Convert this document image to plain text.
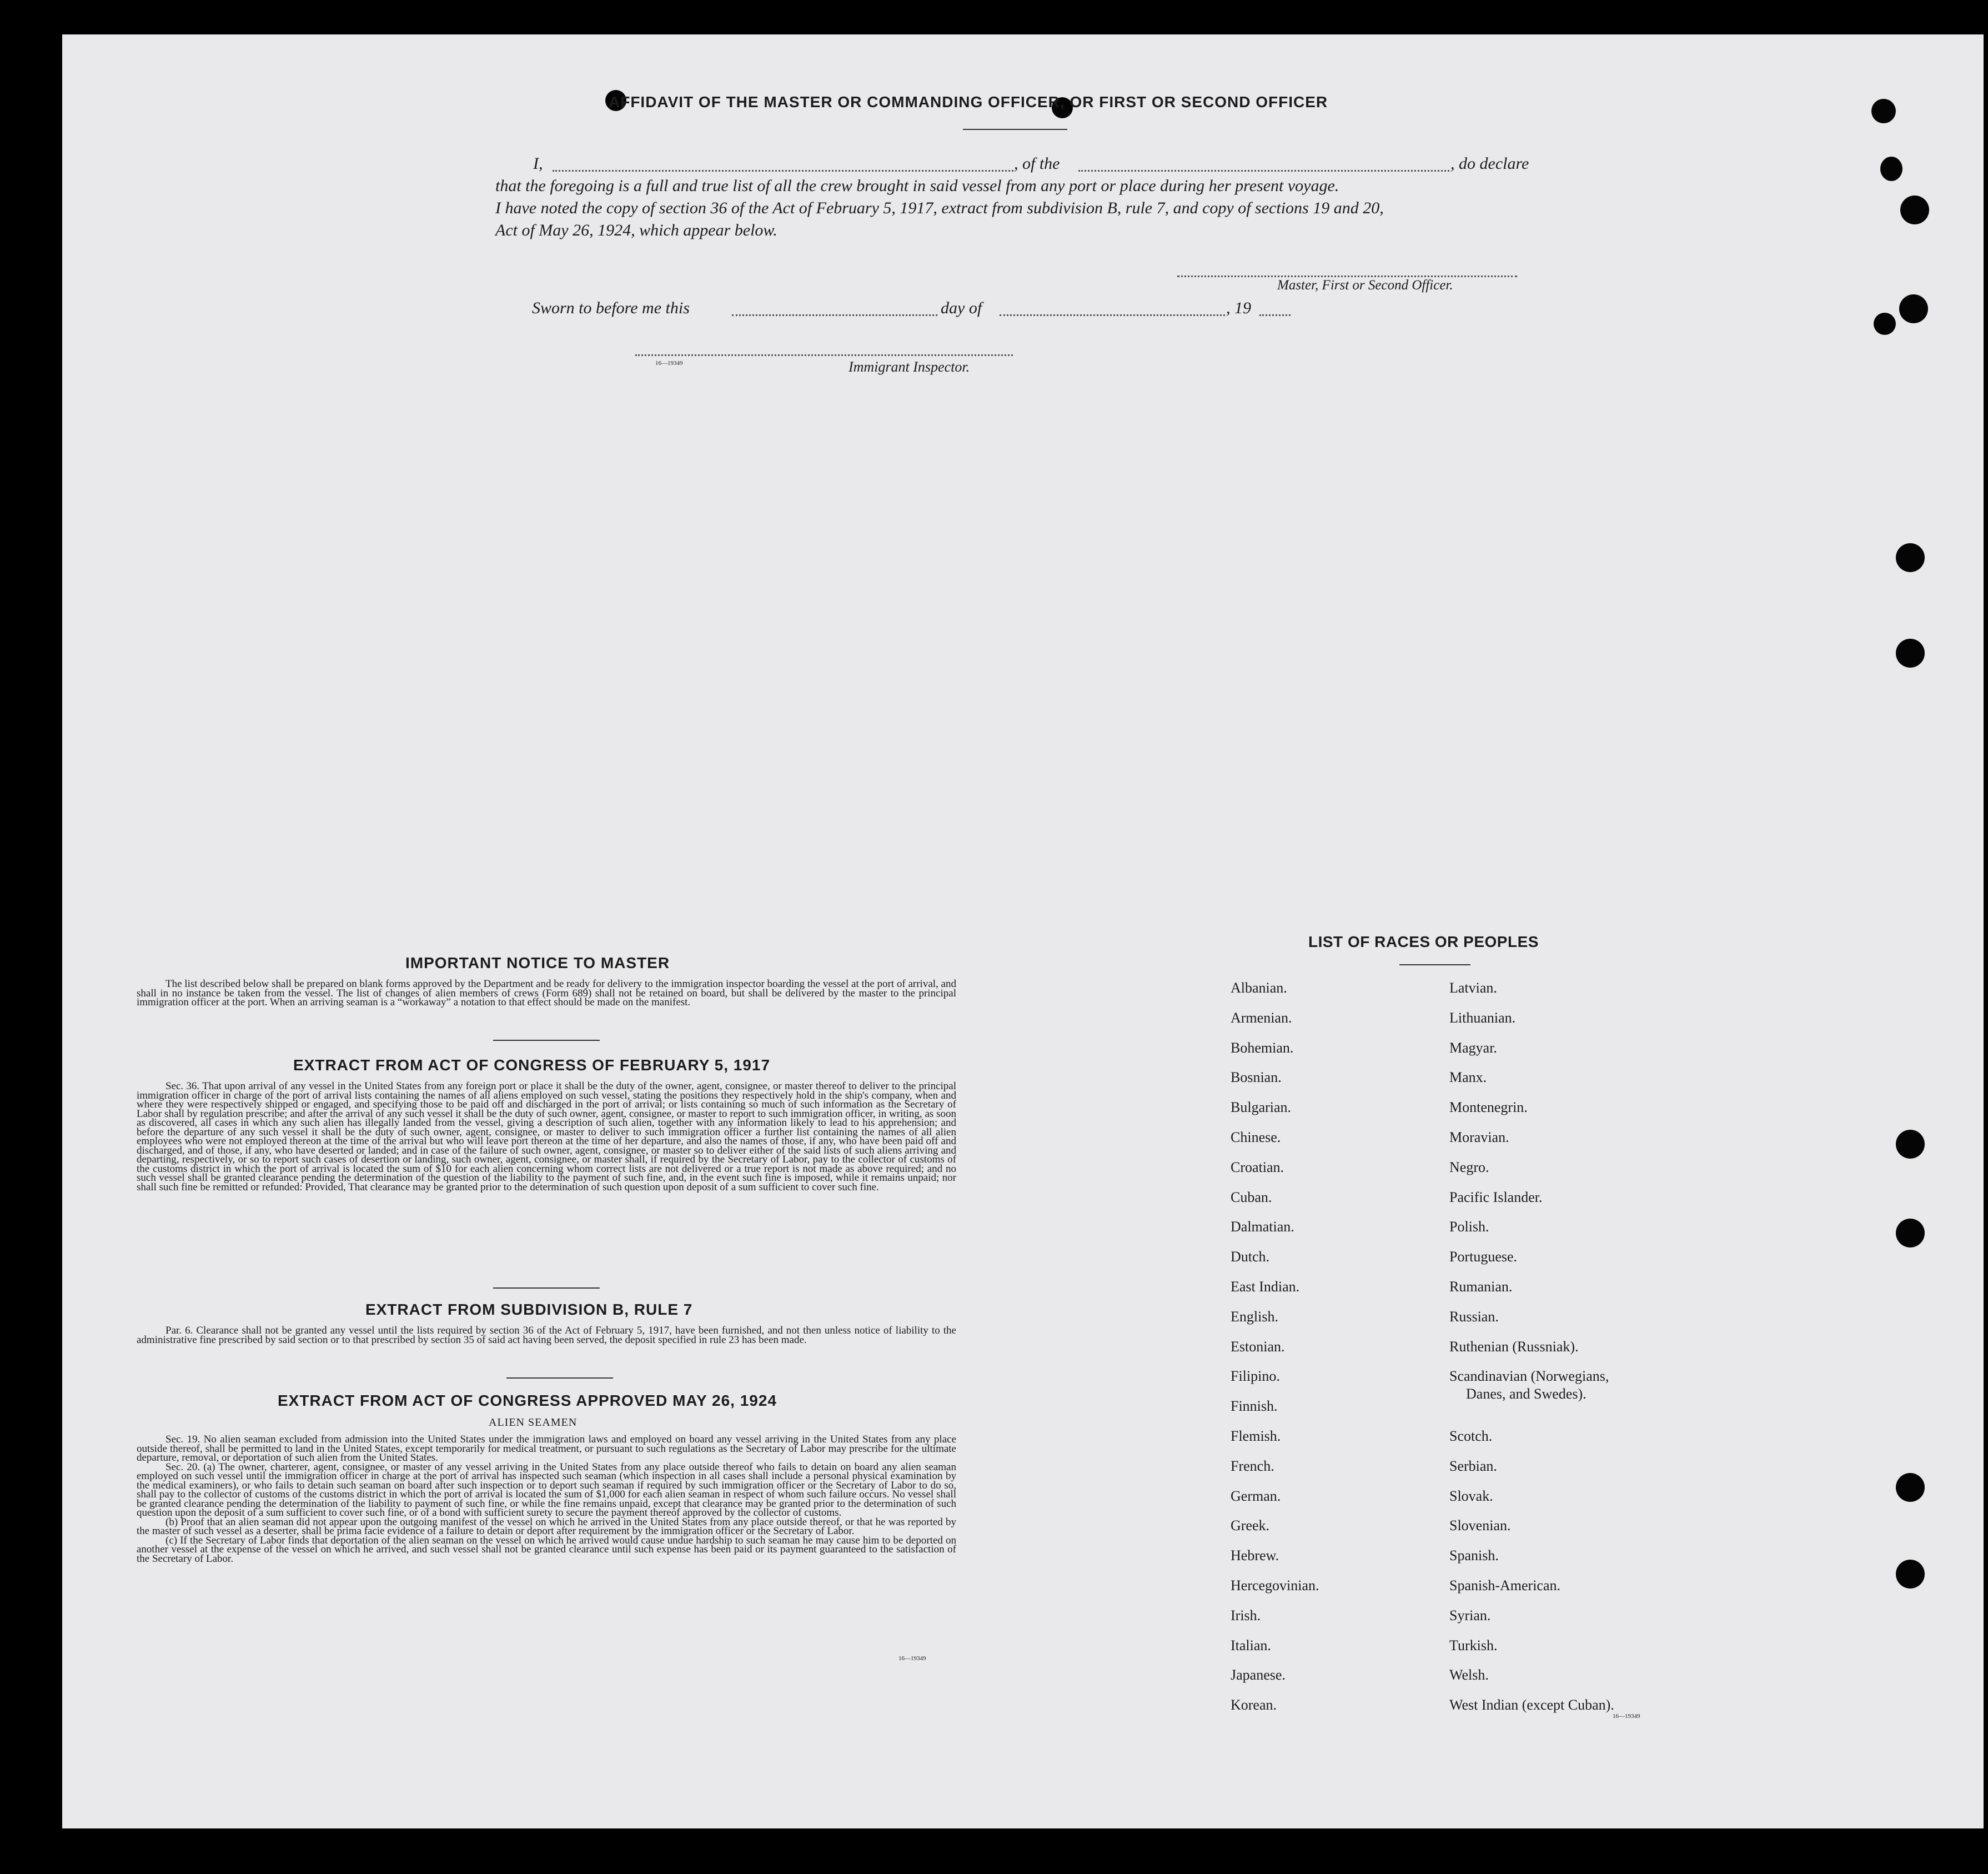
AFFIDAVIT OF THE MASTER OR COMMANDING OFFICER, OR FIRST OR SECOND OFFICER
I,	, of the	, do declare
that the foregoing is a full and true list of all the crew brought in said vessel from any port or place during her present voyage.
I have noted the copy of section 36 of the Act of February 5, 1917, extract from subdivision B, rule 7, and copy of sections 19 and 20,
Act of May 26, 1924, which appear below.
Master, First or Second Officer.
Sworn to before me this	day of	, 19
16—19349	Immigrant Inspector.
IMPORTANT NOTICE TO MASTER
The list described below shall be prepared on blank forms approved by the Department and be ready for delivery to the immigration inspector boarding the vessel at the port of arrival, and shall in no instance be taken from the vessel. The list of changes of alien members of crews (Form 689) shall not be retained on board, but shall be delivered by the master to the principal immigration officer at the port. When an arriving seaman is a “workaway” a notation to that effect should be made on the manifest.
EXTRACT FROM ACT OF CONGRESS OF FEBRUARY 5, 1917
Sec. 36. That upon arrival of any vessel in the United States from any foreign port or place it shall be the duty of the owner, agent, consignee, or master thereof to deliver to the principal immigration officer in charge of the port of arrival lists containing the names of all aliens employed on such vessel, stating the positions they respectively hold in the ship's company, when and where they were respectively shipped or engaged, and specifying those to be paid off and discharged in the port of arrival; or lists containing so much of such information as the Secretary of Labor shall by regulation prescribe; and after the arrival of any such vessel it shall be the duty of such owner, agent, consignee, or master to report to such immigration officer, in writing, as soon as discovered, all cases in which any such alien has illegally landed from the vessel, giving a description of such alien, together with any information likely to lead to his apprehension; and before the departure of any such vessel it shall be the duty of such owner, agent, consignee, or master to deliver to such immigration officer a further list containing the names of all alien employees who were not employed thereon at the time of the arrival but who will leave port thereon at the time of her departure, and also the names of those, if any, who have been paid off and discharged, and of those, if any, who have deserted or landed; and in case of the failure of such owner, agent, consignee, or master so to deliver either of the said lists of such aliens arriving and departing, respectively, or so to report such cases of desertion or landing, such owner, agent, consignee, or master shall, if required by the Secretary of Labor, pay to the collector of customs of the customs district in which the port of arrival is located the sum of $10 for each alien concerning whom correct lists are not delivered or a true report is not made as above required; and no such vessel shall be granted clearance pending the determination of the question of the liability to the payment of such fine, and, in the event such fine is imposed, while it remains unpaid; nor shall such fine be remitted or refunded: Provided, That clearance may be granted prior to the determination of such question upon deposit of a sum sufficient to cover such fine.
EXTRACT FROM SUBDIVISION B, RULE 7
Par. 6. Clearance shall not be granted any vessel until the lists required by section 36 of the Act of February 5, 1917, have been furnished, and not then unless notice of liability to the administrative fine prescribed by said section or to that prescribed by section 35 of said act having been served, the deposit specified in rule 23 has been made.
EXTRACT FROM ACT OF CONGRESS APPROVED MAY 26, 1924
ALIEN SEAMEN

Sec. 19. No alien seaman excluded from admission into the United States under the immigration laws and employed on board any vessel arriving in the United States from any place outside thereof, shall be permitted to land in the United States, except temporarily for medical treatment, or pursuant to such regulations as the Secretary of Labor may prescribe for the ultimate departure, removal, or deportation of such alien from the United States.

Sec. 20. (a) The owner, charterer, agent, consignee, or master of any vessel arriving in the United States from any place outside thereof who fails to detain on board any alien seaman employed on such vessel until the immigration officer in charge at the port of arrival has inspected such seaman (which inspection in all cases shall include a personal physical examination by the medical examiners), or who fails to detain such seaman on board after such inspection or to deport such seaman if required by such immigration officer or the Secretary of Labor to do so, shall pay to the collector of customs of the customs district in which the port of arrival is located the sum of $1,000 for each alien seaman in respect of whom such failure occurs. No vessel shall be granted clearance pending the determination of the liability to payment of such fine, or while the fine remains unpaid, except that clearance may be granted prior to the determination of such question upon the deposit of a sum sufficient to cover such fine, or of a bond with sufficient surety to secure the payment thereof approved by the collector of customs.

(b) Proof that an alien seaman did not appear upon the outgoing manifest of the vessel on which he arrived in the United States from any place outside thereof, or that he was reported by the master of such vessel as a deserter, shall be prima facie evidence of a failure to detain or deport after requirement by the immigration officer or the Secretary of Labor.

(c) If the Secretary of Labor finds that deportation of the alien seaman on the vessel on which he arrived would cause undue hardship to such seaman he may cause him to be deported on another vessel at the expense of the vessel on which he arrived, and such vessel shall not be granted clearance until such expense has been paid or its payment guaranteed to the satisfaction of the Secretary of Labor.

16—19349
LIST OF RACES OR PEOPLES
Albanian.
Armenian.
Bohemian.
Bosnian.
Bulgarian.
Chinese.
Croatian.
Cuban.
Dalmatian.
Dutch.
East Indian.
English.
Estonian.
Filipino.
Finnish.
Flemish.
French.
German.
Greek.
Hebrew.
Hercegovinian.
Irish.
Italian.
Japanese.
Korean.
Latvian.
Lithuanian.
Magyar.
Manx.
Montenegrin.
Moravian.
Negro.
Pacific Islander.
Polish.
Portuguese.
Rumanian.
Russian.
Ruthenian (Russniak).
Scandinavian (Norwegians,
Danes, and Swedes).
Scotch.
Serbian.
Slovak.
Slovenian.
Spanish.
Spanish-American.
Syrian.
Turkish.
Welsh.
West Indian (except Cuban).
16—19349
